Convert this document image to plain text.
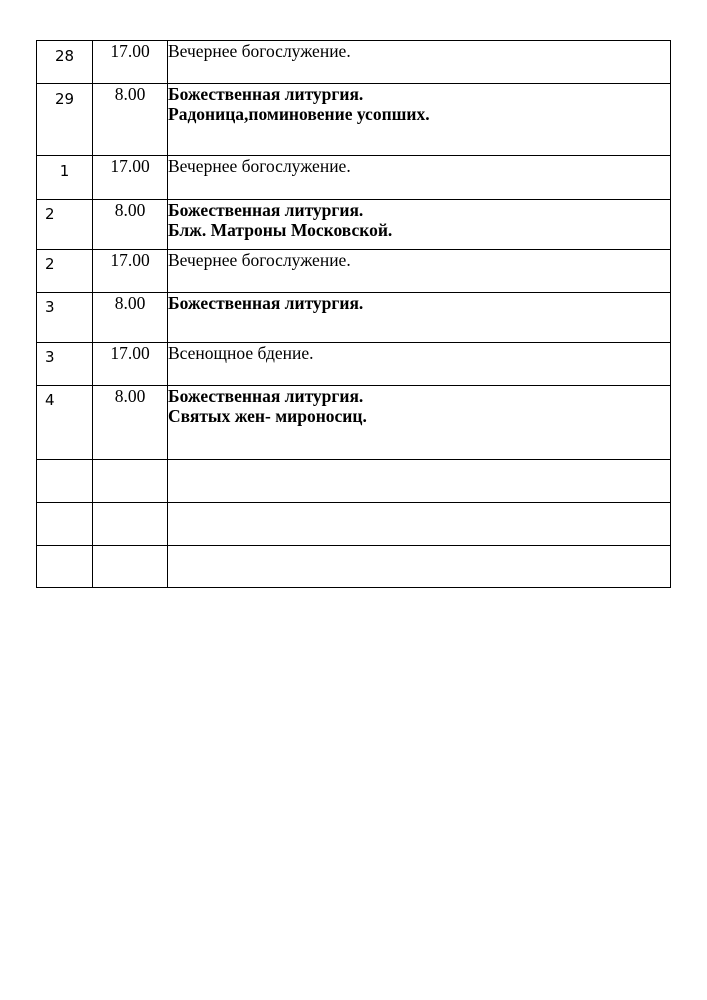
28	17.00	Вечернее богослужение.

29	8.00	Божественная литургия.
Радоница,поминовение усопших.

1	17.00	Вечернее богослужение.

2	8.00	Божественная литургия.
Блж. Матроны Московской.

2	17.00	Вечернее богослужение.

3	8.00	Божественная литургия.

3	17.00	Всенощное бдение.

4	8.00	Божественная литургия.
Святых жен- мироносиц.
